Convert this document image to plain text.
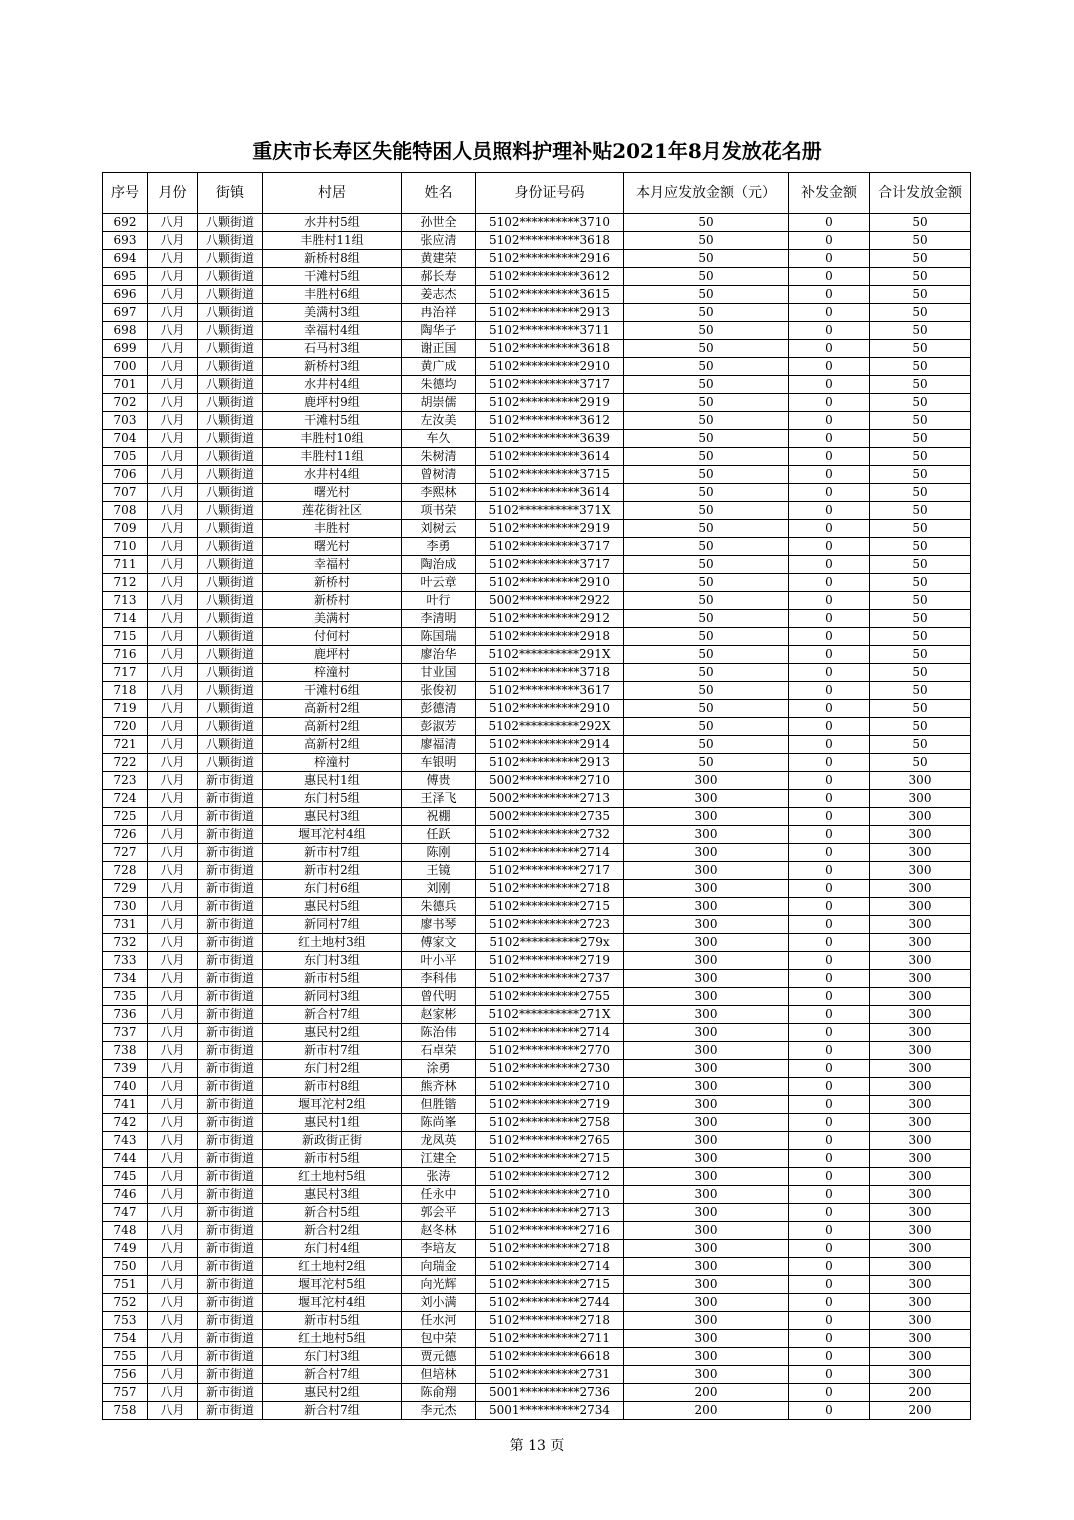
重庆市长寿区失能特困人员照料护理补贴2021年8月发放花名册
序号	月份	街镇	村居	姓名	身份证号码	本月应发放金额（元）	补发金额	合计发放金额
692	八月	八颗街道	水井村5组	孙世全	5102**********3710	50	0	50
693	八月	八颗街道	丰胜村11组	张应清	5102**********3618	50	0	50
694	八月	八颗街道	新桥村8组	黄建荣	5102**********2916	50	0	50
695	八月	八颗街道	干滩村5组	郝长寿	5102**********3612	50	0	50
696	八月	八颗街道	丰胜村6组	姜志杰	5102**********3615	50	0	50
697	八月	八颗街道	美满村3组	冉治祥	5102**********2913	50	0	50
698	八月	八颗街道	幸福村4组	陶华子	5102**********3711	50	0	50
699	八月	八颗街道	石马村3组	谢正国	5102**********3618	50	0	50
700	八月	八颗街道	新桥村3组	黄广成	5102**********2910	50	0	50
701	八月	八颗街道	水井村4组	朱德均	5102**********3717	50	0	50
702	八月	八颗街道	鹿坪村9组	胡崇儒	5102**********2919	50	0	50
703	八月	八颗街道	干滩村5组	左汝美	5102**********3612	50	0	50
704	八月	八颗街道	丰胜村10组	车久	5102**********3639	50	0	50
705	八月	八颗街道	丰胜村11组	朱树清	5102**********3614	50	0	50
706	八月	八颗街道	水井村4组	曾树清	5102**********3715	50	0	50
707	八月	八颗街道	曙光村	李熙林	5102**********3614	50	0	50
708	八月	八颗街道	莲花街社区	项书荣	5102**********371X	50	0	50
709	八月	八颗街道	丰胜村	刘树云	5102**********2919	50	0	50
710	八月	八颗街道	曙光村	李勇	5102**********3717	50	0	50
711	八月	八颗街道	幸福村	陶治成	5102**********3717	50	0	50
712	八月	八颗街道	新桥村	叶云章	5102**********2910	50	0	50
713	八月	八颗街道	新桥村	叶行	5002**********2922	50	0	50
714	八月	八颗街道	美满村	李清明	5102**********2912	50	0	50
715	八月	八颗街道	付何村	陈国瑞	5102**********2918	50	0	50
716	八月	八颗街道	鹿坪村	廖治华	5102**********291X	50	0	50
717	八月	八颗街道	梓潼村	甘业国	5102**********3718	50	0	50
718	八月	八颗街道	干滩村6组	张俊初	5102**********3617	50	0	50
719	八月	八颗街道	高新村2组	彭德清	5102**********2910	50	0	50
720	八月	八颗街道	高新村2组	彭淑芳	5102**********292X	50	0	50
721	八月	八颗街道	高新村2组	廖福清	5102**********2914	50	0	50
722	八月	八颗街道	梓潼村	车银明	5102**********2913	50	0	50
723	八月	新市街道	惠民村1组	傅贵	5002**********2710	300	0	300
724	八月	新市街道	东门村5组	王泽飞	5002**********2713	300	0	300
725	八月	新市街道	惠民村3组	祝棚	5002**********2735	300	0	300
726	八月	新市街道	堰耳沱村4组	任跃	5102**********2732	300	0	300
727	八月	新市街道	新市村7组	陈刚	5102**********2714	300	0	300
728	八月	新市街道	新市村2组	王镜	5102**********2717	300	0	300
729	八月	新市街道	东门村6组	刘刚	5102**********2718	300	0	300
730	八月	新市街道	惠民村5组	朱德兵	5102**********2715	300	0	300
731	八月	新市街道	新同村7组	廖书琴	5102**********2723	300	0	300
732	八月	新市街道	红土地村3组	傅家文	5102**********279x	300	0	300
733	八月	新市街道	东门村3组	叶小平	5102**********2719	300	0	300
734	八月	新市街道	新市村5组	李科伟	5102**********2737	300	0	300
735	八月	新市街道	新同村3组	曾代明	5102**********2755	300	0	300
736	八月	新市街道	新合村7组	赵家彬	5102**********271X	300	0	300
737	八月	新市街道	惠民村2组	陈治伟	5102**********2714	300	0	300
738	八月	新市街道	新市村7组	石卓荣	5102**********2770	300	0	300
739	八月	新市街道	东门村2组	涂勇	5102**********2730	300	0	300
740	八月	新市街道	新市村8组	熊齐林	5102**********2710	300	0	300
741	八月	新市街道	堰耳沱村2组	但胜锴	5102**********2719	300	0	300
742	八月	新市街道	惠民村1组	陈尚峯	5102**********2758	300	0	300
743	八月	新市街道	新政街正街	龙凤英	5102**********2765	300	0	300
744	八月	新市街道	新市村5组	江建全	5102**********2715	300	0	300
745	八月	新市街道	红土地村5组	张涛	5102**********2712	300	0	300
746	八月	新市街道	惠民村3组	任永中	5102**********2710	300	0	300
747	八月	新市街道	新合村5组	郭会平	5102**********2713	300	0	300
748	八月	新市街道	新合村2组	赵冬林	5102**********2716	300	0	300
749	八月	新市街道	东门村4组	李培友	5102**********2718	300	0	300
750	八月	新市街道	红土地村2组	向瑞金	5102**********2714	300	0	300
751	八月	新市街道	堰耳沱村5组	向光辉	5102**********2715	300	0	300
752	八月	新市街道	堰耳沱村4组	刘小满	5102**********2744	300	0	300
753	八月	新市街道	新市村5组	任水河	5102**********2718	300	0	300
754	八月	新市街道	红土地村5组	包中荣	5102**********2711	300	0	300
755	八月	新市街道	东门村3组	贾元德	5102**********6618	300	0	300
756	八月	新市街道	新合村7组	但培林	5102**********2731	300	0	300
757	八月	新市街道	惠民村2组	陈俞翔	5001**********2736	200	0	200
758	八月	新市街道	新合村7组	李元杰	5001**********2734	200	0	200
第 13 页
